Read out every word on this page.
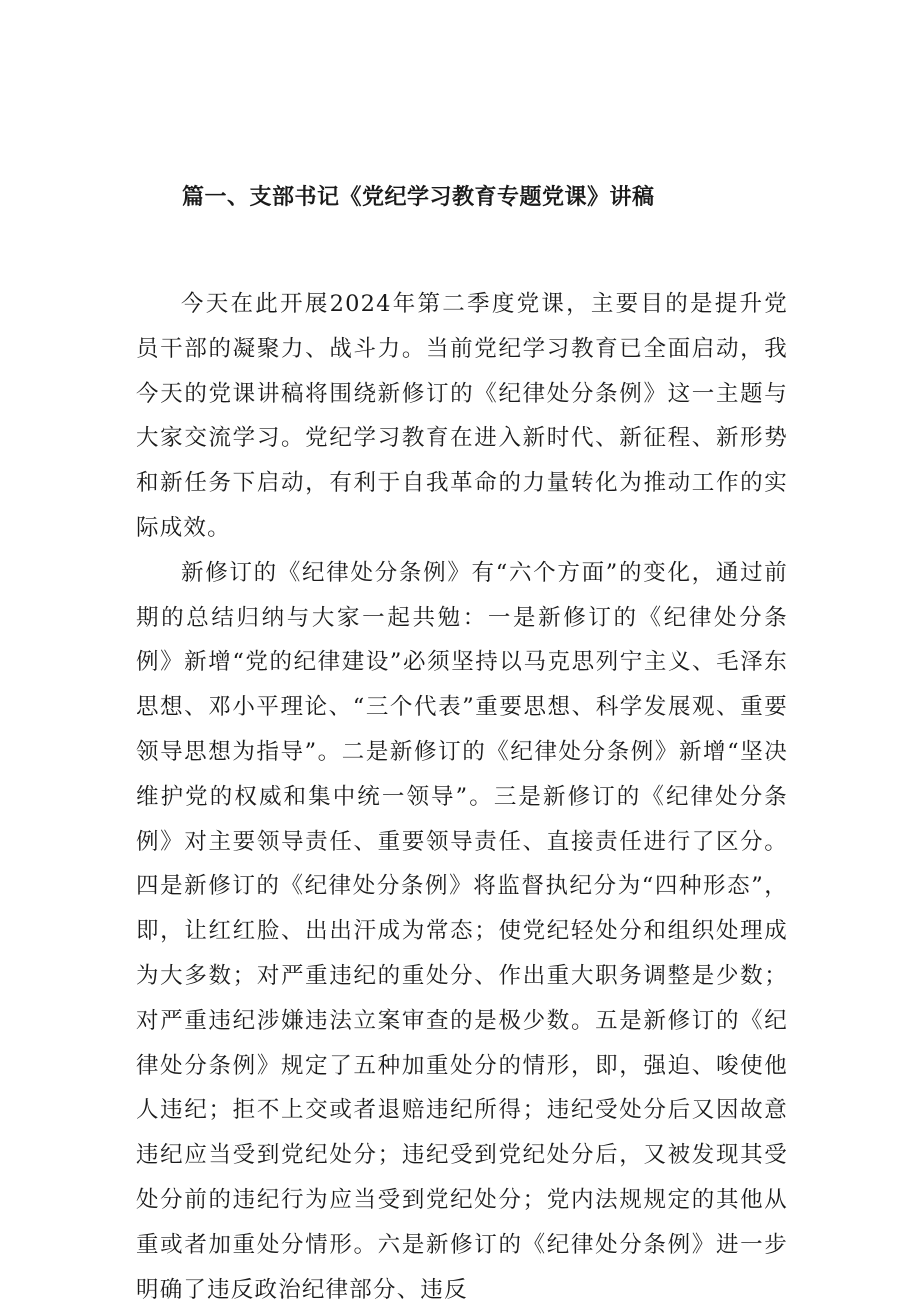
篇一、支部书记《党纪学习教育专题党课》讲稿

今天在此开展2024年第二季度党课，主要目的是提升党员干部的凝聚力、战斗力。当前党纪学习教育已全面启动，我今天的党课讲稿将围绕新修订的《纪律处分条例》这一主题与大家交流学习。党纪学习教育在进入新时代、新征程、新形势和新任务下启动，有利于自我革命的力量转化为推动工作的实际成效。

新修订的《纪律处分条例》有“六个方面”的变化，通过前期的总结归纳与大家一起共勉：一是新修订的《纪律处分条例》新增“党的纪律建设”必须坚持以马克思列宁主义、毛泽东思想、邓小平理论、“三个代表”重要思想、科学发展观、重要领导思想为指导”。二是新修订的《纪律处分条例》新增“坚决维护党的权威和集中统一领导”。三是新修订的《纪律处分条例》对主要领导责任、重要领导责任、直接责任进行了区分。四是新修订的《纪律处分条例》将监督执纪分为“四种形态”，即，让红红脸、出出汗成为常态；使党纪轻处分和组织处理成为大多数；对严重违纪的重处分、作出重大职务调整是少数；对严重违纪涉嫌违法立案审查的是极少数。五是新修订的《纪律处分条例》规定了五种加重处分的情形，即，强迫、唆使他人违纪；拒不上交或者退赔违纪所得；违纪受处分后又因故意违纪应当受到党纪处分；违纪受到党纪处分后，又被发现其受处分前的违纪行为应当受到党纪处分；党内法规规定的其他从重或者加重处分情形。六是新修订的《纪律处分条例》进一步明确了违反政治纪律部分、违反
